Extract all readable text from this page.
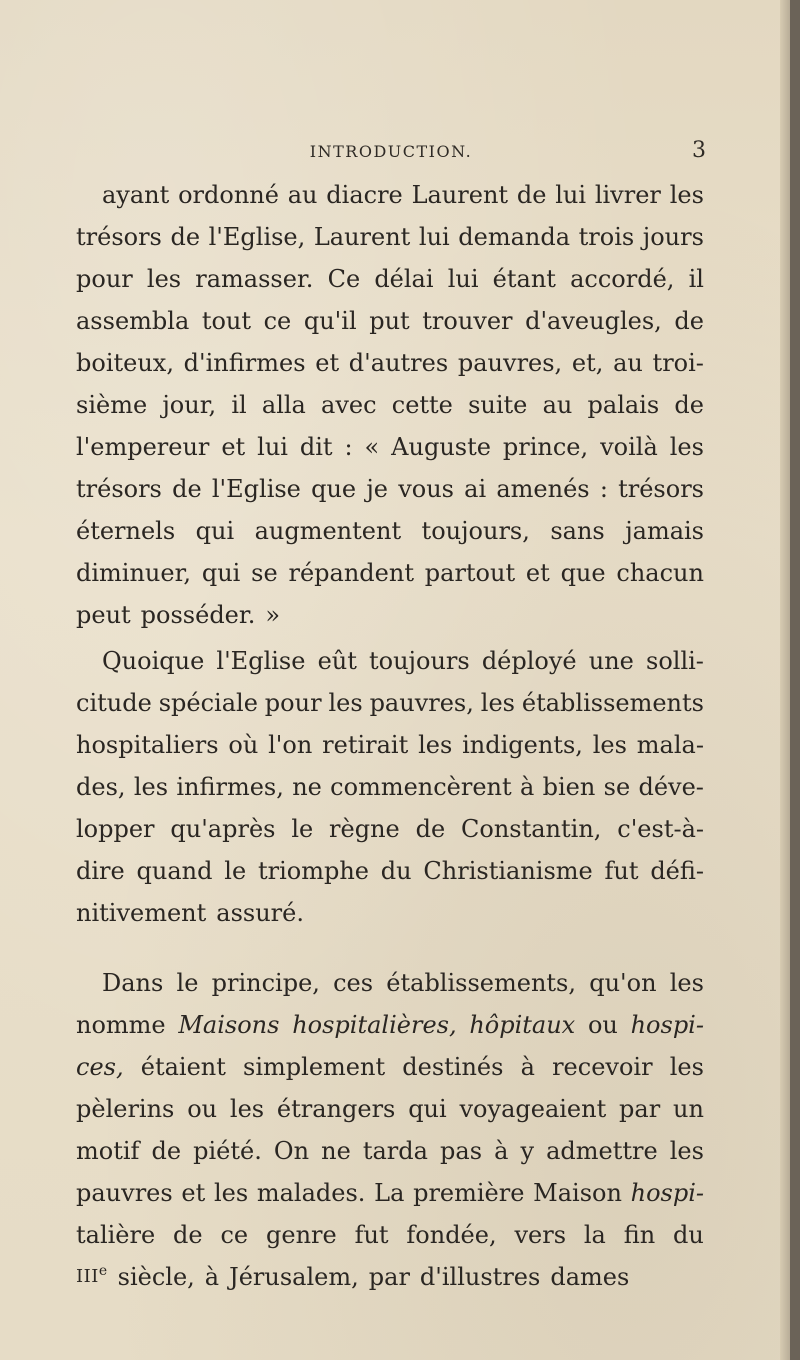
INTRODUCTION.	3
ayant ordonné au diacre Laurent de lui livrer les
trésors de l'Eglise, Laurent lui demanda trois jours
pour les ramasser. Ce délai lui étant accordé, il
assembla tout ce qu'il put trouver d'aveugles, de
boiteux, d'infirmes et d'autres pauvres, et, au troi-
sième jour, il alla avec cette suite au palais de
l'empereur et lui dit : « Auguste prince, voilà les
trésors de l'Eglise que je vous ai amenés : trésors
éternels qui augmentent toujours, sans jamais
diminuer, qui se répandent partout et que chacun
peut posséder. »
Quoique l'Eglise eût toujours déployé une solli-
citude spéciale pour les pauvres, les établissements
hospitaliers où l'on retirait les indigents, les mala-
des, les infirmes, ne commencèrent à bien se déve-
lopper qu'après le règne de Constantin, c'est-à-
dire quand le triomphe du Christianisme fut défi-
nitivement assuré.
Dans le principe, ces établissements, qu'on les
nomme Maisons hospitalières, hôpitaux ou hospi-
ces, étaient simplement destinés à recevoir les
pèlerins ou les étrangers qui voyageaient par un
motif de piété. On ne tarda pas à y admettre les
pauvres et les malades. La première Maison hospi-
talière de ce genre fut fondée, vers la fin du
IIIe siècle, à Jérusalem, par d'illustres dames
